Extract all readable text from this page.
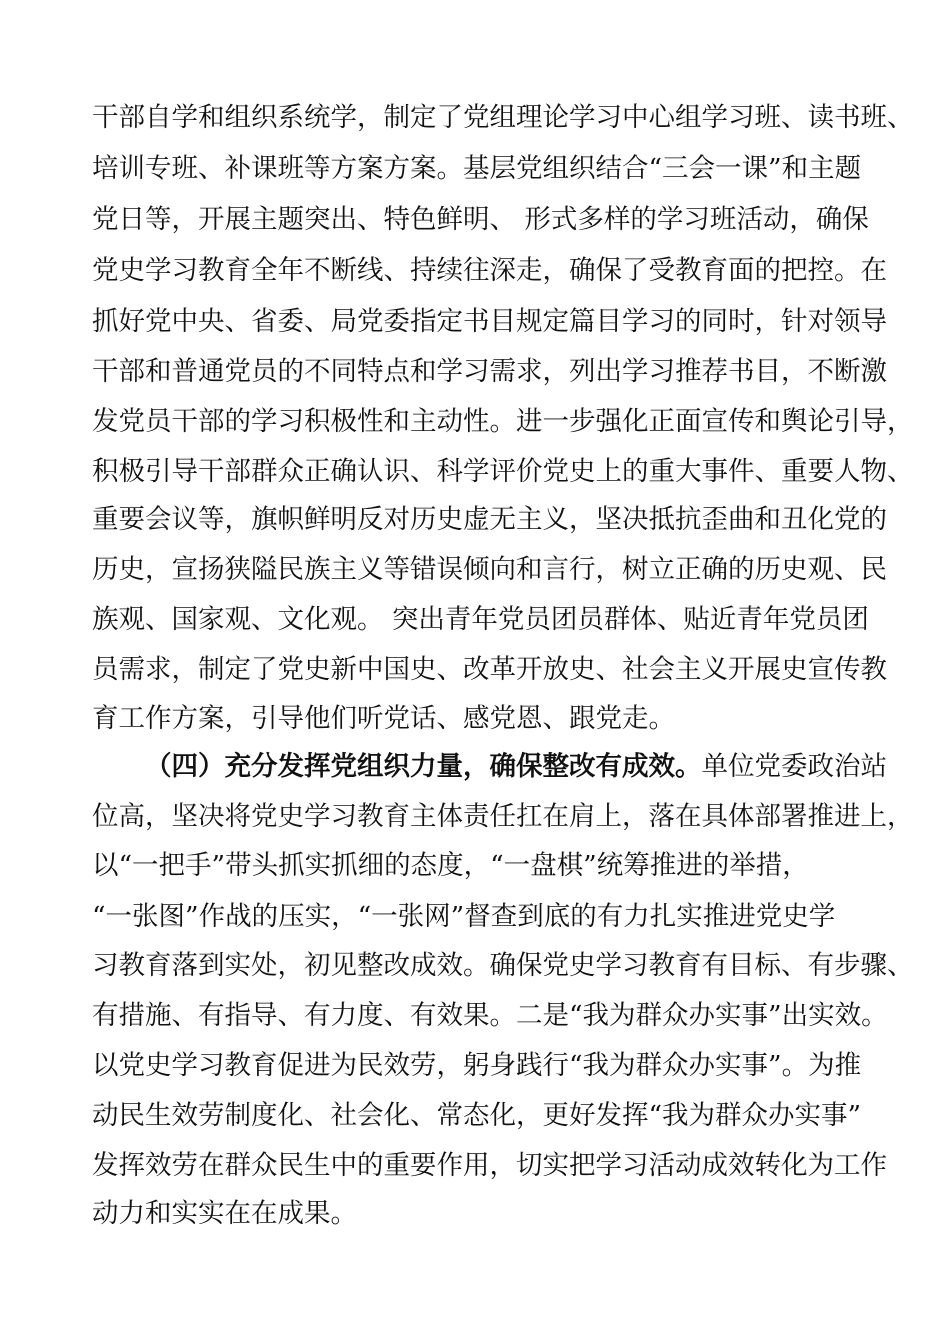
干部自学和组织系统学，制定了党组理论学习中心组学习班、读书班、
培训专班、补课班等方案方案。基层党组织结合“三会一课”和主题
党日等，开展主题突出、特色鲜明、 形式多样的学习班活动，确保
党史学习教育全年不断线、持续往深走，确保了受教育面的把控。在
抓好党中央、省委、局党委指定书目规定篇目学习的同时，针对领导
干部和普通党员的不同特点和学习需求，列出学习推荐书目，不断激
发党员干部的学习积极性和主动性。进一步强化正面宣传和舆论引导，
积极引导干部群众正确认识、科学评价党史上的重大事件、重要人物、
重要会议等，旗帜鲜明反对历史虚无主义，坚决抵抗歪曲和丑化党的
历史，宣扬狭隘民族主义等错误倾向和言行，树立正确的历史观、民
族观、国家观、文化观。 突出青年党员团员群体、贴近青年党员团
员需求，制定了党史新中国史、改革开放史、社会主义开展史宣传教
育工作方案，引导他们听党话、感党恩、跟党走。
（四）充分发挥党组织力量，确保整改有成效。单位党委政治站
位高，坚决将党史学习教育主体责任扛在肩上，落在具体部署推进上，
以“一把手”带头抓实抓细的态度，“一盘棋”统筹推进的举措，
“一张图”作战的压实，“一张网”督查到底的有力扎实推进党史学
习教育落到实处，初见整改成效。确保党史学习教育有目标、有步骤、
有措施、有指导、有力度、有效果。二是“我为群众办实事”出实效。
以党史学习教育促进为民效劳，躬身践行“我为群众办实事”。为推
动民生效劳制度化、社会化、常态化，更好发挥“我为群众办实事”
发挥效劳在群众民生中的重要作用，切实把学习活动成效转化为工作
动力和实实在在成果。
